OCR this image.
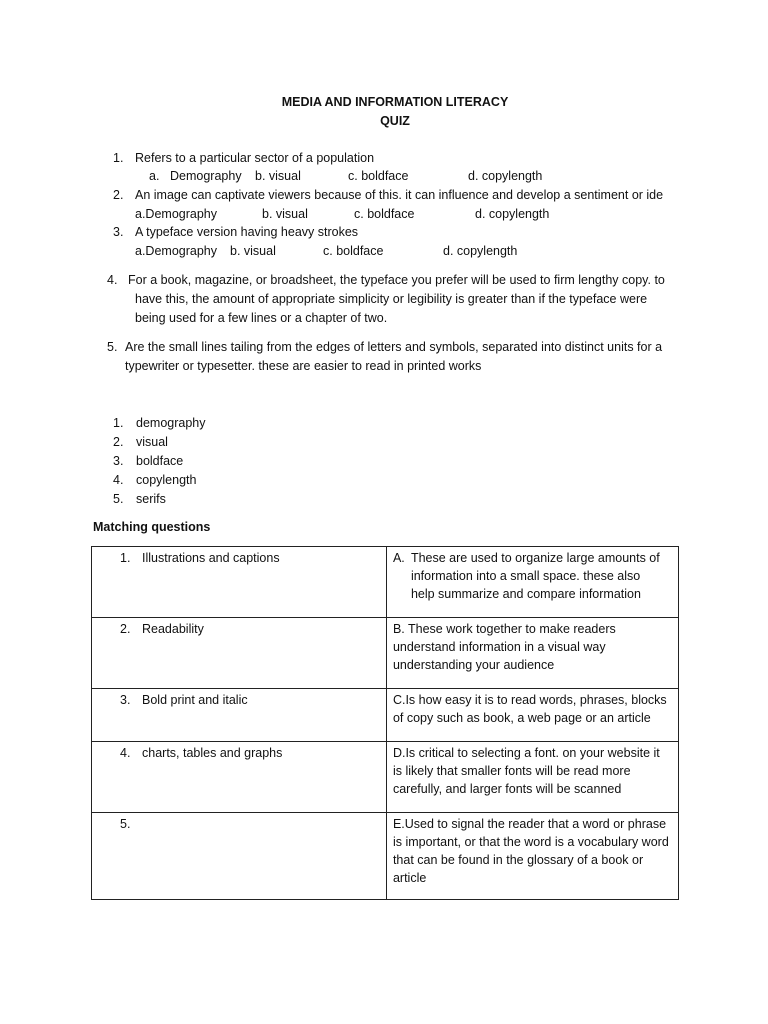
MEDIA AND INFORMATION LITERACY
QUIZ
1. Refers to a particular sector of a population
a. Demography b. visual	c. boldface	d. copylength
2. An image can captivate viewers because of this. it can influence and develop a sentiment or ide
a.Demography	b. visual	c. boldface	d. copylength
3. A typeface version having heavy strokes
a.Demography b. visual	c. boldface	d. copylength
4. For a book, magazine, or broadsheet, the typeface you prefer will be used to firm lengthy copy. to
have this, the amount of appropriate simplicity or legibility is greater than if the typeface were
being used for a few lines or a chapter of two.
5. Are the small lines tailing from the edges of letters and symbols, separated into distinct units for a
typewriter or typesetter. these are easier to read in printed works
1. demography
2. visual
3. boldface
4. copylength
5. serifs
Matching questions
1. Illustrations and captions	A. These are used to organize large amounts of information into a small space. these also help summarize and compare information
2. Readability	B. These work together to make readers understand information in a visual way understanding your audience
3. Bold print and italic	C.Is how easy it is to read words, phrases, blocks of copy such as book, a web page or an article
4. charts, tables and graphs	D.Is critical to selecting a font. on your website it is likely that smaller fonts will be read more carefully, and larger fonts will be scanned
5.	E.Used to signal the reader that a word or phrase is important, or that the word is a vocabulary word that can be found in the glossary of a book or article
